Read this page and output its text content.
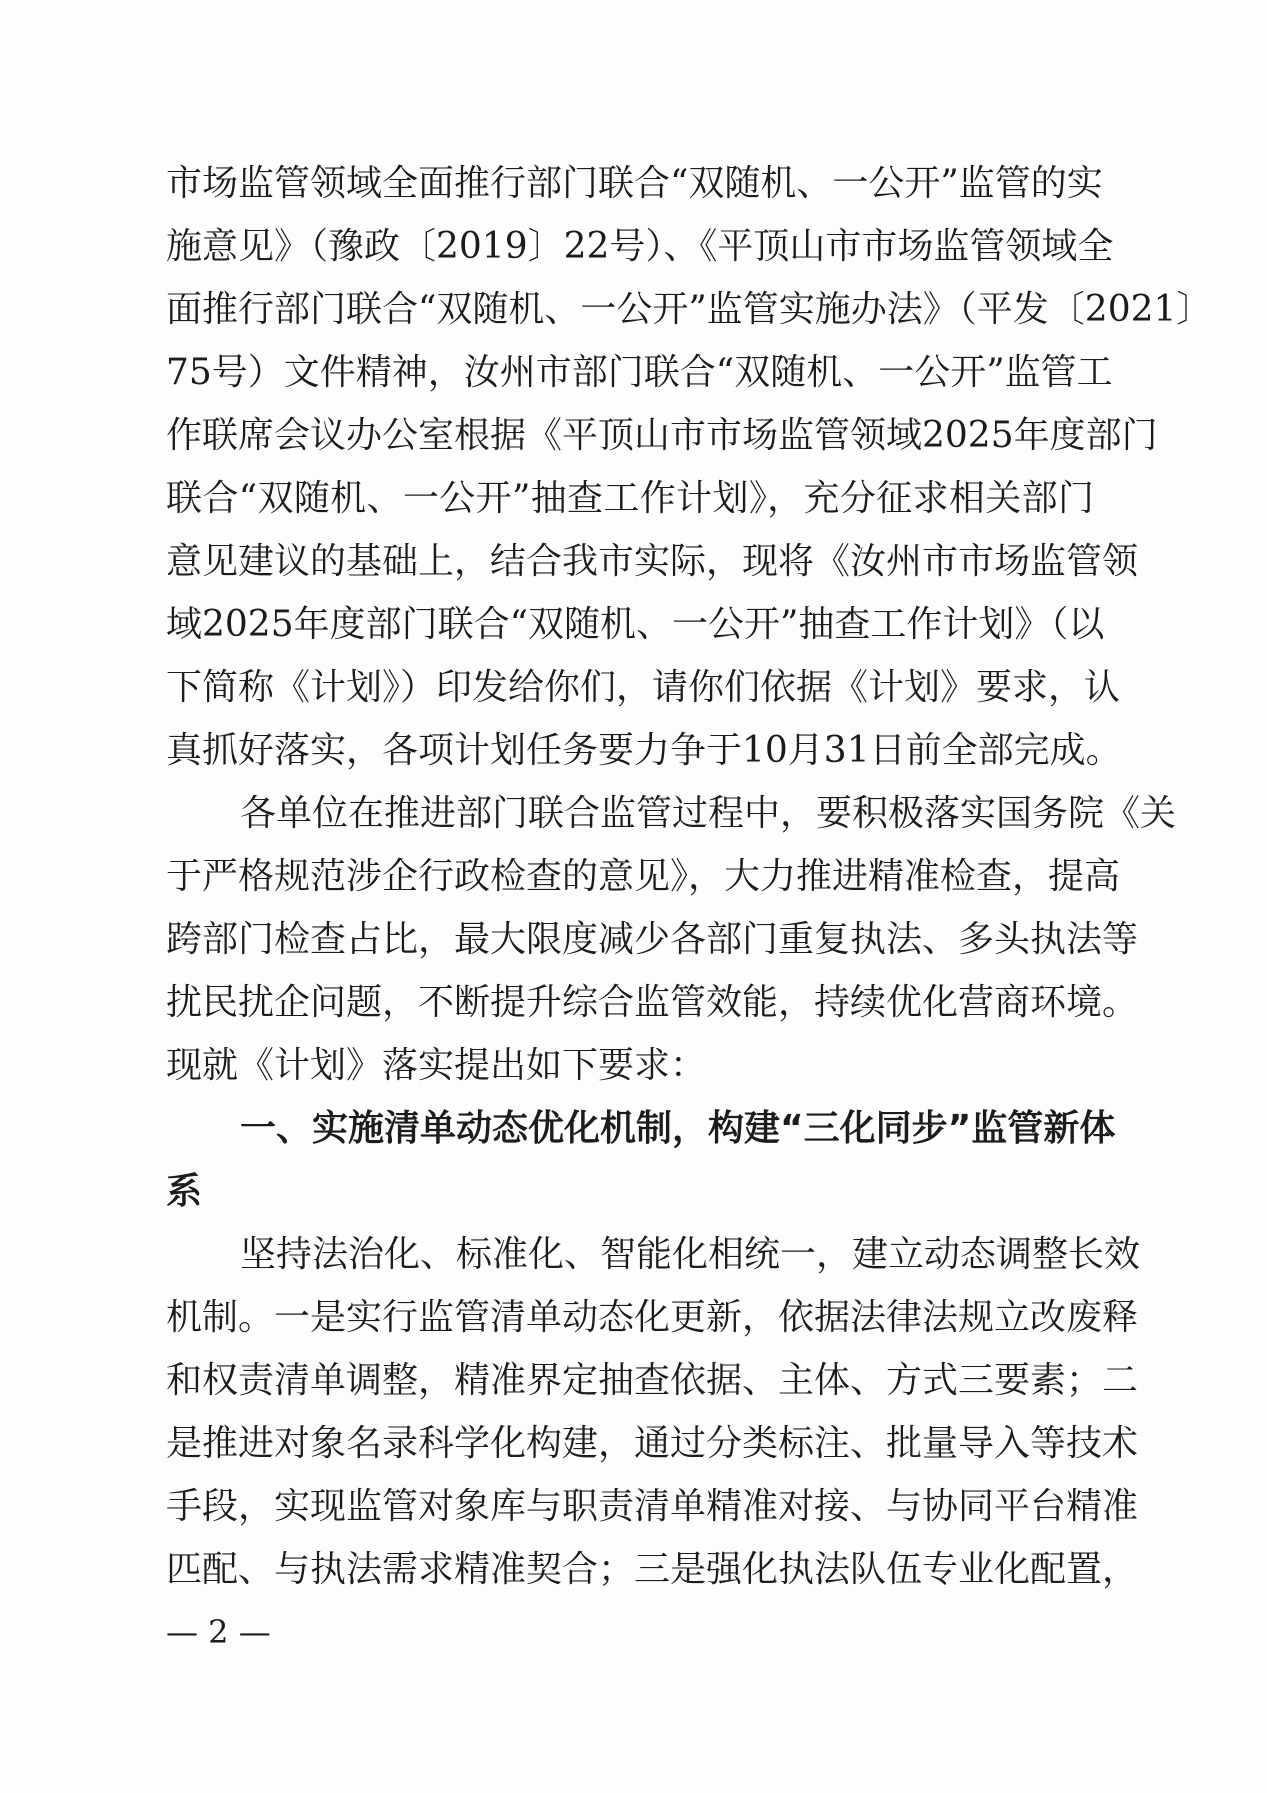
市场监管领域全面推行部门联合“双随机、一公开”监管的实
施意见》（豫政〔2019〕22号）、《平顶山市市场监管领域全
面推行部门联合“双随机、一公开”监管实施办法》（平发〔2021〕
75号）文件精神，汝州市部门联合“双随机、一公开”监管工
作联席会议办公室根据《平顶山市市场监管领域2025年度部门
联合“双随机、一公开”抽查工作计划》，充分征求相关部门
意见建议的基础上，结合我市实际，现将《汝州市市场监管领
域2025年度部门联合“双随机、一公开”抽查工作计划》（以
下简称《计划》）印发给你们，请你们依据《计划》要求，认
真抓好落实，各项计划任务要力争于10月31日前全部完成。
各单位在推进部门联合监管过程中，要积极落实国务院《关
于严格规范涉企行政检查的意见》，大力推进精准检查，提高
跨部门检查占比，最大限度减少各部门重复执法、多头执法等
扰民扰企问题，不断提升综合监管效能，持续优化营商环境。
现就《计划》落实提出如下要求：
一、实施清单动态优化机制，构建“三化同步”监管新体
系
坚持法治化、标准化、智能化相统一，建立动态调整长效
机制。一是实行监管清单动态化更新，依据法律法规立改废释
和权责清单调整，精准界定抽查依据、主体、方式三要素；二
是推进对象名录科学化构建，通过分类标注、批量导入等技术
手段，实现监管对象库与职责清单精准对接、与协同平台精准
匹配、与执法需求精准契合；三是强化执法队伍专业化配置，
— 2 —
